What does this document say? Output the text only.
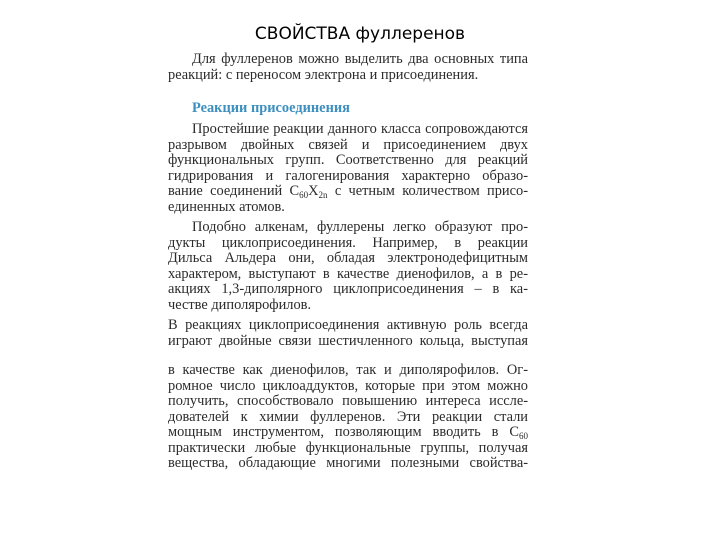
СВОЙСТВА фуллеренов
Для фуллеренов можно выделить два основных типа
реакций: с переносом электрона и присоединения.
Реакции присоединения
Простейшие реакции данного класса сопровождаются
разрывом двойных связей и присоединением двух
функциональных групп. Соответственно для реакций
гидрирования и галогенирования характерно образо-
вание соединений $С_{60}Х_{2n}$ с четным количеством присо-
единенных атомов.
Подобно алкенам, фуллерены легко образуют про-
дукты циклоприсоединения. Например, в реакции
Дильса Альдера они, обладая электронодефицитным
характером, выступают в качестве диенофилов, а в ре-
акциях 1,3-диполярного циклоприсоединения – в ка-
честве диполярофилов.
В реакциях циклоприсоединения активную роль всегда
играют двойные связи шестичленного кольца, выступая
в качестве как диенофилов, так и диполярофилов. Ог-
ромное число циклоаддуктов, которые при этом можно
получить, способствовало повышению интереса иссле-
дователей к химии фуллеренов. Эти реакции стали
мощным инструментом, позволяющим вводить в $С_{60}$
практически любые функциональные группы, получая
вещества, обладающие многими полезными свойства-
